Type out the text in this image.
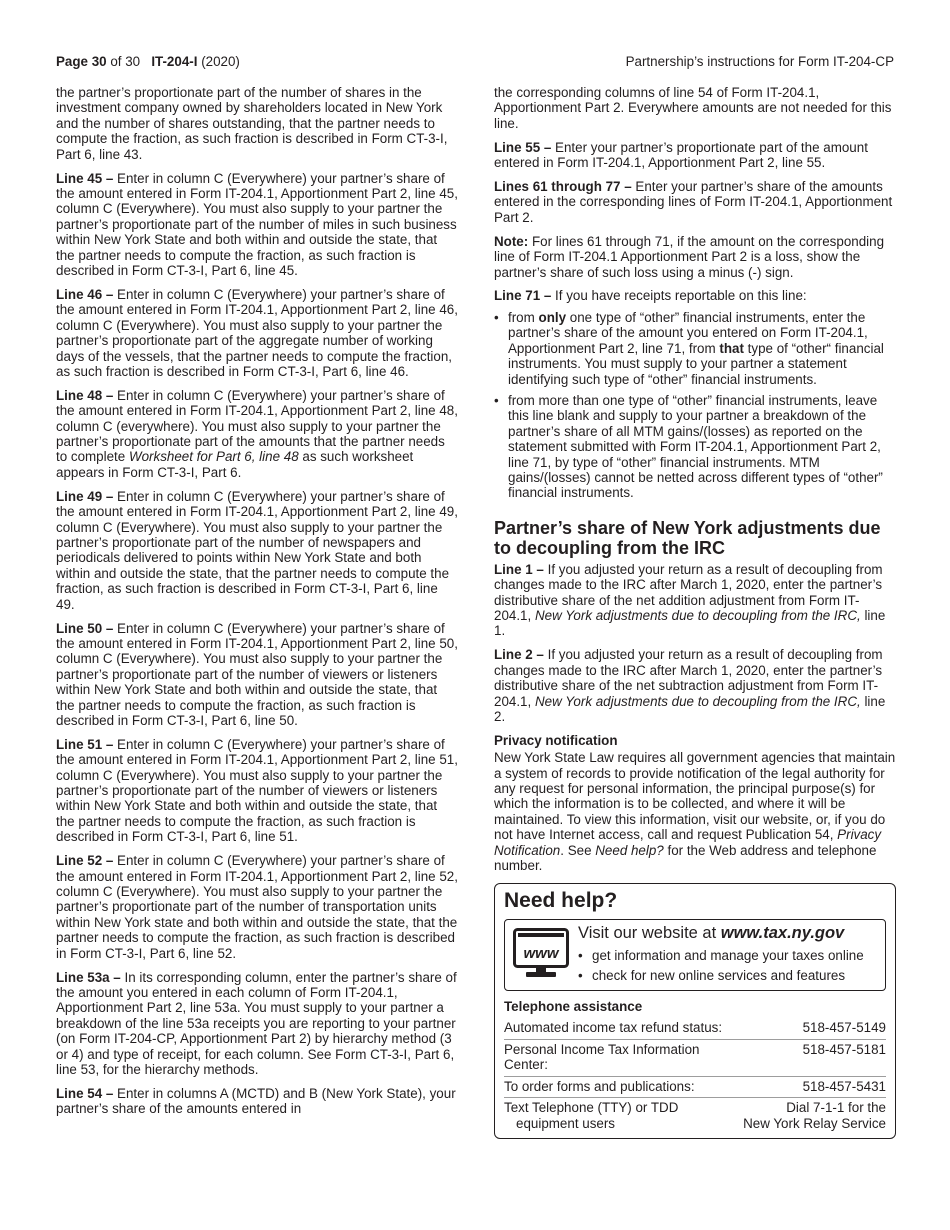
Page 30 of 30 IT-204-I (2020)	Partnership’s instructions for Form IT-204-CP

the partner’s proportionate part of the number of shares in the investment company owned by shareholders located in New York and the number of shares outstanding, that the partner needs to compute the fraction, as such fraction is described in Form CT-3-I, Part 6, line 43.

Line 45 – Enter in column C (Everywhere) your partner’s share of the amount entered in Form IT-204.1, Apportionment Part 2, line 45, column C (Everywhere). You must also supply to your partner the partner’s proportionate part of the number of miles in such business within New York State and both within and outside the state, that the partner needs to compute the fraction, as such fraction is described in Form CT-3-I, Part 6, line 45.

Line 46 – Enter in column C (Everywhere) your partner’s share of the amount entered in Form IT-204.1, Apportionment Part 2, line 46, column C (Everywhere). You must also supply to your partner the partner’s proportionate part of the aggregate number of working days of the vessels, that the partner needs to compute the fraction, as such fraction is described in Form CT-3-I, Part 6, line 46.

Line 48 – Enter in column C (Everywhere) your partner’s share of the amount entered in Form IT-204.1, Apportionment Part 2, line 48, column C (everywhere). You must also supply to your partner the partner’s proportionate part of the amounts that the partner needs to complete Worksheet for Part 6, line 48 as such worksheet appears in Form CT-3-I, Part 6.

Line 49 – Enter in column C (Everywhere) your partner’s share of the amount entered in Form IT-204.1, Apportionment Part 2, line 49, column C (Everywhere). You must also supply to your partner the partner’s proportionate part of the number of newspapers and periodicals delivered to points within New York State and both within and outside the state, that the partner needs to compute the fraction, as such fraction is described in Form CT-3-I, Part 6, line 49.

Line 50 – Enter in column C (Everywhere) your partner’s share of the amount entered in Form IT-204.1, Apportionment Part 2, line 50, column C (Everywhere). You must also supply to your partner the partner’s proportionate part of the number of viewers or listeners within New York State and both within and outside the state, that the partner needs to compute the fraction, as such fraction is described in Form CT-3-I, Part 6, line 50.

Line 51 – Enter in column C (Everywhere) your partner’s share of the amount entered in Form IT-204.1, Apportionment Part 2, line 51, column C (Everywhere). You must also supply to your partner the partner’s proportionate part of the number of viewers or listeners within New York State and both within and outside the state, that the partner needs to compute the fraction, as such fraction is described in Form CT-3-I, Part 6, line 51.

Line 52 – Enter in column C (Everywhere) your partner’s share of the amount entered in Form IT-204.1, Apportionment Part 2, line 52, column C (Everywhere). You must also supply to your partner the partner’s proportionate part of the number of transportation units within New York state and both within and outside the state, that the partner needs to compute the fraction, as such fraction is described in Form CT-3-I, Part 6, line 52.

Line 53a – In its corresponding column, enter the partner’s share of the amount you entered in each column of Form IT-204.1, Apportionment Part 2, line 53a. You must supply to your partner a breakdown of the line 53a receipts you are reporting to your partner (on Form IT-204-CP, Apportionment Part 2) by hierarchy method (3 or 4) and type of receipt, for each column. See Form CT-3-I, Part 6, line 53, for the hierarchy methods.

Line 54 – Enter in columns A (MCTD) and B (New York State), your partner’s share of the amounts entered in

the corresponding columns of line 54 of Form IT-204.1, Apportionment Part 2. Everywhere amounts are not needed for this line.

Line 55 – Enter your partner’s proportionate part of the amount entered in Form IT-204.1, Apportionment Part 2, line 55.

Lines 61 through 77 – Enter your partner’s share of the amounts entered in the corresponding lines of Form IT-204.1, Apportionment Part 2.

Note: For lines 61 through 71, if the amount on the corresponding line of Form IT-204.1 Apportionment Part 2 is a loss, show the partner’s share of such loss using a minus (-) sign.

Line 71 – If you have receipts reportable on this line:

• from only one type of “other” financial instruments, enter the partner’s share of the amount you entered on Form IT-204.1, Apportionment Part 2, line 71, from that type of “other“ financial instruments. You must supply to your partner a statement identifying such type of “other” financial instruments.
• from more than one type of “other” financial instruments, leave this line blank and supply to your partner a breakdown of the partner’s share of all MTM gains/(losses) as reported on the statement submitted with Form IT-204.1, Apportionment Part 2, line 71, by type of “other” financial instruments. MTM gains/(losses) cannot be netted across different types of “other” financial instruments.
Partner’s share of New York adjustments due to decoupling from the IRC

Line 1 – If you adjusted your return as a result of decoupling from changes made to the IRC after March 1, 2020, enter the partner’s distributive share of the net addition adjustment from Form IT-204.1, New York adjustments due to decoupling from the IRC, line 1.

Line 2 – If you adjusted your return as a result of decoupling from changes made to the IRC after March 1, 2020, enter the partner’s distributive share of the net subtraction adjustment from Form IT-204.1, New York adjustments due to decoupling from the IRC, line 2.

Privacy notification

New York State Law requires all government agencies that maintain a system of records to provide notification of the legal authority for any request for personal information, the principal purpose(s) for which the information is to be collected, and where it will be maintained. To view this information, visit our website, or, if you do not have Internet access, call and request Publication 54, Privacy Notification. See Need help? for the Web address and telephone number.

Need help?
www
Visit our website at www.tax.ny.gov
• get information and manage your taxes online
• check for new online services and features
Telephone assistance
Automated income tax refund status:	518-457-5149
Personal Income Tax Information Center:	518-457-5181
To order forms and publications:	518-457-5431
Text Telephone (TTY) or TDD
equipment users	Dial 7-1-1 for the
New York Relay Service
